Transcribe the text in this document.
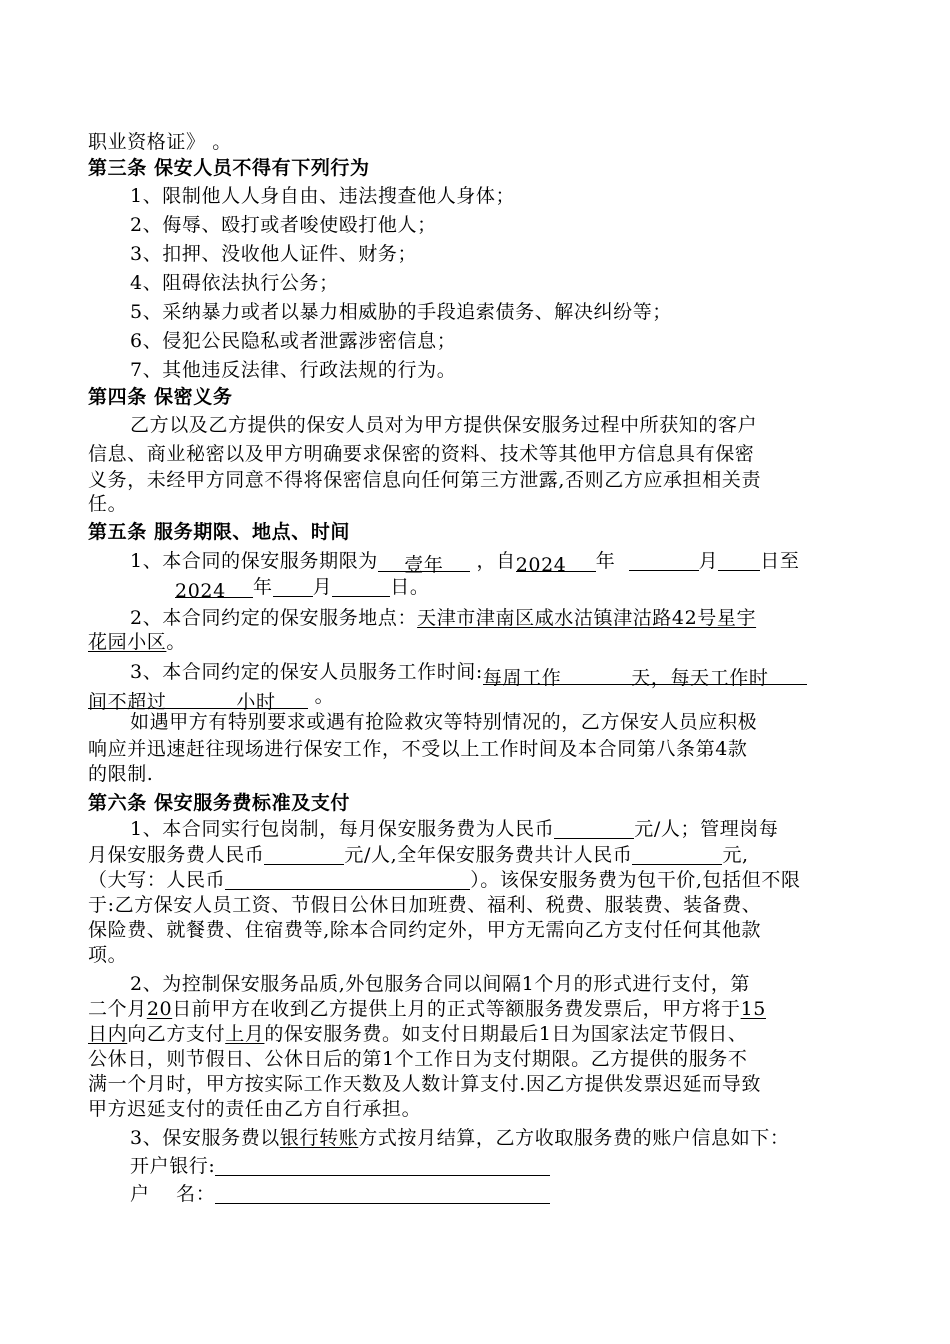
职业资格证》 。
第三条 保安人员不得有下列行为
1、限制他人人身自由、违法搜查他人身体；
2、侮辱、殴打或者唆使殴打他人；
3、扣押、没收他人证件、财务；
4、阻碍依法执行公务；
5、采纳暴力或者以暴力相威胁的手段追索债务、解决纠纷等；
6、侵犯公民隐私或者泄露涉密信息；
7、其他违反法律、行政法规的行为。
第四条 保密义务
乙方以及乙方提供的保安人员对为甲方提供保安服务过程中所获知的客户
信息、商业秘密以及甲方明确要求保密的资料、技术等其他甲方信息具有保密
义务，未经甲方同意不得将保密信息向任何第三方泄露,否则乙方应承担相关责
任。
第五条 服务期限、地点、时间
1、本合同的保安服务期限为 壹年 ，自2024 年	月 日至
2024 年 月	日。
2、本合同约定的保安服务地点：天津市津南区咸水沽镇津沽路42号星宇
花园小区。
3、本合同约定的保安人员服务工作时间:每周工作	天，每天工作时
间不超过	小时 。
如遇甲方有特别要求或遇有抢险救灾等特别情况的，乙方保安人员应积极
响应并迅速赶往现场进行保安工作，不受以上工作时间及本合同第八条第4款
的限制.
第六条 保安服务费标准及支付
1、本合同实行包岗制，每月保安服务费为人民币	元/人；管理岗每
月保安服务费人民币	元/人,全年保安服务费共计人民币	元,
（大写：人民币	）。该保安服务费为包干价,包括但不限
于:乙方保安人员工资、节假日公休日加班费、福利、税费、服装费、装备费、
保险费、就餐费、住宿费等,除本合同约定外，甲方无需向乙方支付任何其他款
项。
2、为控制保安服务品质,外包服务合同以间隔1个月的形式进行支付，第
二个月20日前甲方在收到乙方提供上月的正式等额服务费发票后，甲方将于15
日内向乙方支付上月的保安服务费。如支付日期最后1日为国家法定节假日、
公休日，则节假日、公休日后的第1个工作日为支付期限。乙方提供的服务不
满一个月时，甲方按实际工作天数及人数计算支付.因乙方提供发票迟延而导致
甲方迟延支付的责任由乙方自行承担。
3、保安服务费以银行转账方式按月结算，乙方收取服务费的账户信息如下：
开户银行:
户    名：
